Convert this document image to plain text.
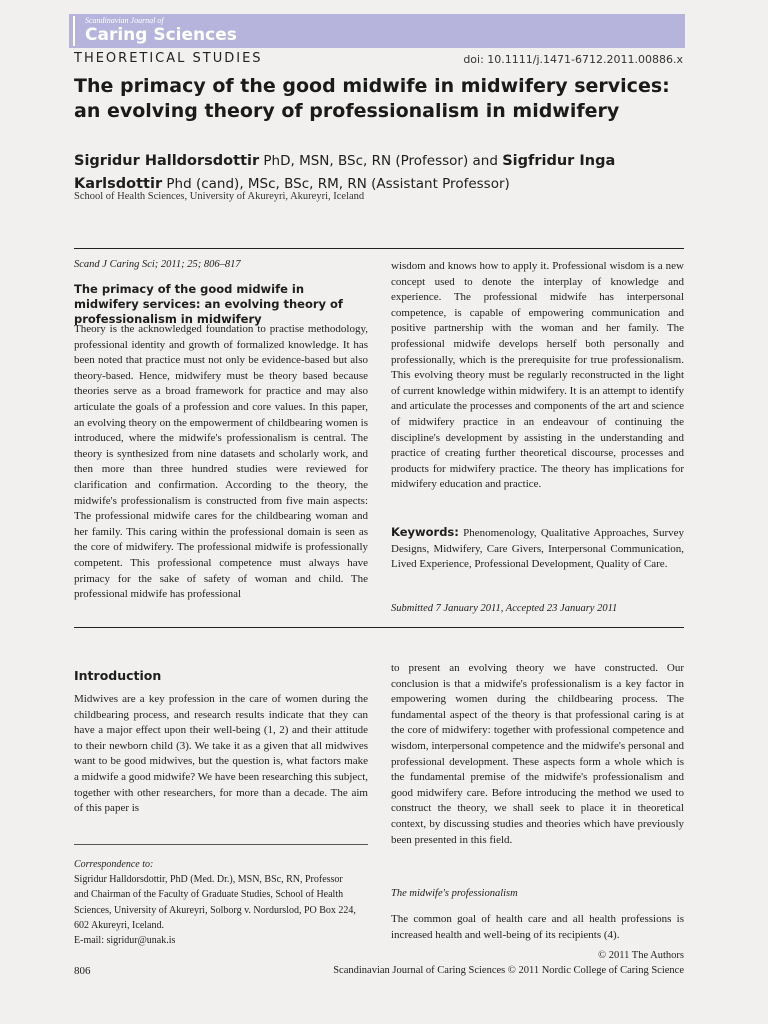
Scandinavian Journal of
Caring Sciences
THEORETICAL STUDIES	doi: 10.1111/j.1471-6712.2011.00886.x
The primacy of the good midwife in midwifery services: an evolving theory of professionalism in midwifery
Sigridur Halldorsdottir PhD, MSN, BSc, RN (Professor) and Sigfridur Inga Karlsdottir Phd (cand), MSc, BSc, RM, RN (Assistant Professor)
School of Health Sciences, University of Akureyri, Akureyri, Iceland
Scand J Caring Sci; 2011; 25; 806–817
The primacy of the good midwife in midwifery services: an evolving theory of professionalism in midwifery
Theory is the acknowledged foundation to practise methodology, professional identity and growth of formalized knowledge. It has been noted that practice must not only be evidence-based but also theory-based. Hence, midwifery must be theory based because theories serve as a broad framework for practice and may also articulate the goals of a profession and core values. In this paper, an evolving theory on the empowerment of childbearing women is introduced, where the midwife's professionalism is central. The theory is synthesized from nine datasets and scholarly work, and then more than three hundred studies were reviewed for clarification and confirmation. According to the theory, the midwife's professionalism is constructed from five main aspects: The professional midwife cares for the childbearing woman and her family. This caring within the professional domain is seen as the core of midwifery. The professional midwife is professionally competent. This professional competence must always have primacy for the sake of safety of woman and child. The professional midwife has professional
wisdom and knows how to apply it. Professional wisdom is a new concept used to denote the interplay of knowledge and experience. The professional midwife has interpersonal competence, is capable of empowering communication and positive partnership with the woman and her family. The professional midwife develops herself both personally and professionally, which is the prerequisite for true professionalism. This evolving theory must be regularly reconstructed in the light of current knowledge within midwifery. It is an attempt to identify and articulate the processes and components of the art and science of midwifery practice in an endeavour of continuing the discipline's development by assisting in the understanding and practice of creating further theoretical discourse, processes and products for midwifery practice. The theory has implications for midwifery education and practice.
Keywords: Phenomenology, Qualitative Approaches, Survey Designs, Midwifery, Care Givers, Interpersonal Communication, Lived Experience, Professional Development, Quality of Care.
Submitted 7 January 2011, Accepted 23 January 2011
Introduction
Midwives are a key profession in the care of women during the childbearing process, and research results indicate that they can have a major effect upon their well-being (1, 2) and their attitude to their newborn child (3). We take it as a given that all midwives want to be good midwives, but the question is, what factors make a midwife a good midwife? We have been researching this subject, together with other researchers, for more than a decade. The aim of this paper is
to present an evolving theory we have constructed. Our conclusion is that a midwife's professionalism is a key factor in empowering women during the childbearing process. The fundamental aspect of the theory is that professional caring is at the core of midwifery: together with professional competence and wisdom, interpersonal competence and the midwife's personal and professional development. These aspects form a whole which is the fundamental premise of the midwife's professionalism and good midwifery care. Before introducing the method we used to construct the theory, we shall seek to place it in theoretical context, by discussing studies and theories which have previously been presented in this field.
The midwife's professionalism
The common goal of health care and all health professions is increased health and well-being of its recipients (4).
Correspondence to:
Sigridur Halldorsdottir, PhD (Med. Dr.), MSN, BSc, RN, Professor
and Chairman of the Faculty of Graduate Studies, School of Health
Sciences, University of Akureyri, Solborg v. Nordurslod, PO Box 224,
602 Akureyri, Iceland.
E-mail: sigridur@unak.is
806
© 2011 The Authors
Scandinavian Journal of Caring Sciences © 2011 Nordic College of Caring Science
